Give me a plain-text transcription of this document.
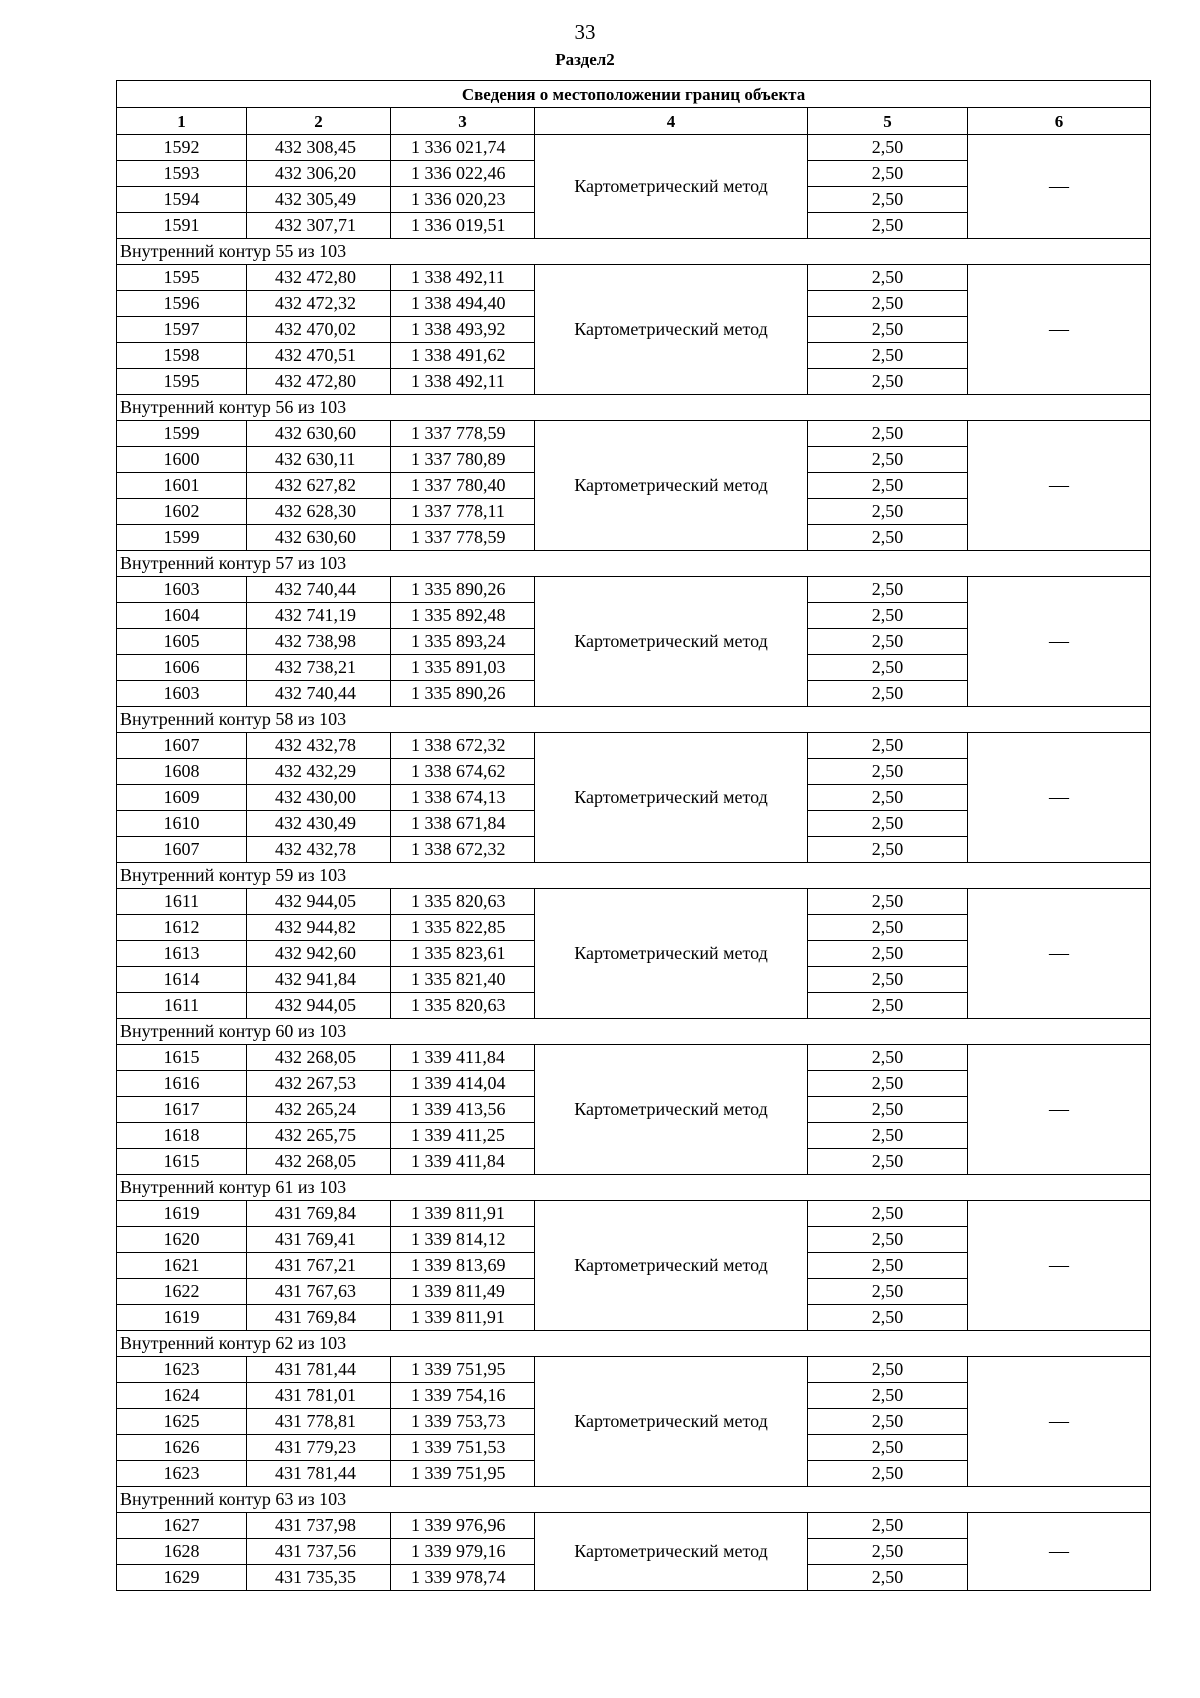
33
Раздел2
Сведения о местоположении границ объекта					
1	2	3	4	5	6
1592	432 308,45	1 336 021,74	Картометрический метод	2,50	—
1593	432 306,20	1 336 022,46		2,50	
1594	432 305,49	1 336 020,23		2,50	
1591	432 307,71	1 336 019,51		2,50	
Внутренний контур 55 из 103					
1595	432 472,80	1 338 492,11	Картометрический метод	2,50	—
1596	432 472,32	1 338 494,40		2,50	
1597	432 470,02	1 338 493,92		2,50	
1598	432 470,51	1 338 491,62		2,50	
1595	432 472,80	1 338 492,11		2,50	
Внутренний контур 56 из 103					
1599	432 630,60	1 337 778,59	Картометрический метод	2,50	—
1600	432 630,11	1 337 780,89		2,50	
1601	432 627,82	1 337 780,40		2,50	
1602	432 628,30	1 337 778,11		2,50	
1599	432 630,60	1 337 778,59		2,50	
Внутренний контур 57 из 103					
1603	432 740,44	1 335 890,26	Картометрический метод	2,50	—
1604	432 741,19	1 335 892,48		2,50	
1605	432 738,98	1 335 893,24		2,50	
1606	432 738,21	1 335 891,03		2,50	
1603	432 740,44	1 335 890,26		2,50	
Внутренний контур 58 из 103					
1607	432 432,78	1 338 672,32	Картометрический метод	2,50	—
1608	432 432,29	1 338 674,62		2,50	
1609	432 430,00	1 338 674,13		2,50	
1610	432 430,49	1 338 671,84		2,50	
1607	432 432,78	1 338 672,32		2,50	
Внутренний контур 59 из 103					
1611	432 944,05	1 335 820,63	Картометрический метод	2,50	—
1612	432 944,82	1 335 822,85		2,50	
1613	432 942,60	1 335 823,61		2,50	
1614	432 941,84	1 335 821,40		2,50	
1611	432 944,05	1 335 820,63		2,50	
Внутренний контур 60 из 103					
1615	432 268,05	1 339 411,84	Картометрический метод	2,50	—
1616	432 267,53	1 339 414,04		2,50	
1617	432 265,24	1 339 413,56		2,50	
1618	432 265,75	1 339 411,25		2,50	
1615	432 268,05	1 339 411,84		2,50	
Внутренний контур 61 из 103					
1619	431 769,84	1 339 811,91	Картометрический метод	2,50	—
1620	431 769,41	1 339 814,12		2,50	
1621	431 767,21	1 339 813,69		2,50	
1622	431 767,63	1 339 811,49		2,50	
1619	431 769,84	1 339 811,91		2,50	
Внутренний контур 62 из 103					
1623	431 781,44	1 339 751,95	Картометрический метод	2,50	—
1624	431 781,01	1 339 754,16		2,50	
1625	431 778,81	1 339 753,73		2,50	
1626	431 779,23	1 339 751,53		2,50	
1623	431 781,44	1 339 751,95		2,50	
Внутренний контур 63 из 103					
1627	431 737,98	1 339 976,96	Картометрический метод	2,50	—
1628	431 737,56	1 339 979,16		2,50	
1629	431 735,35	1 339 978,74		2,50	
